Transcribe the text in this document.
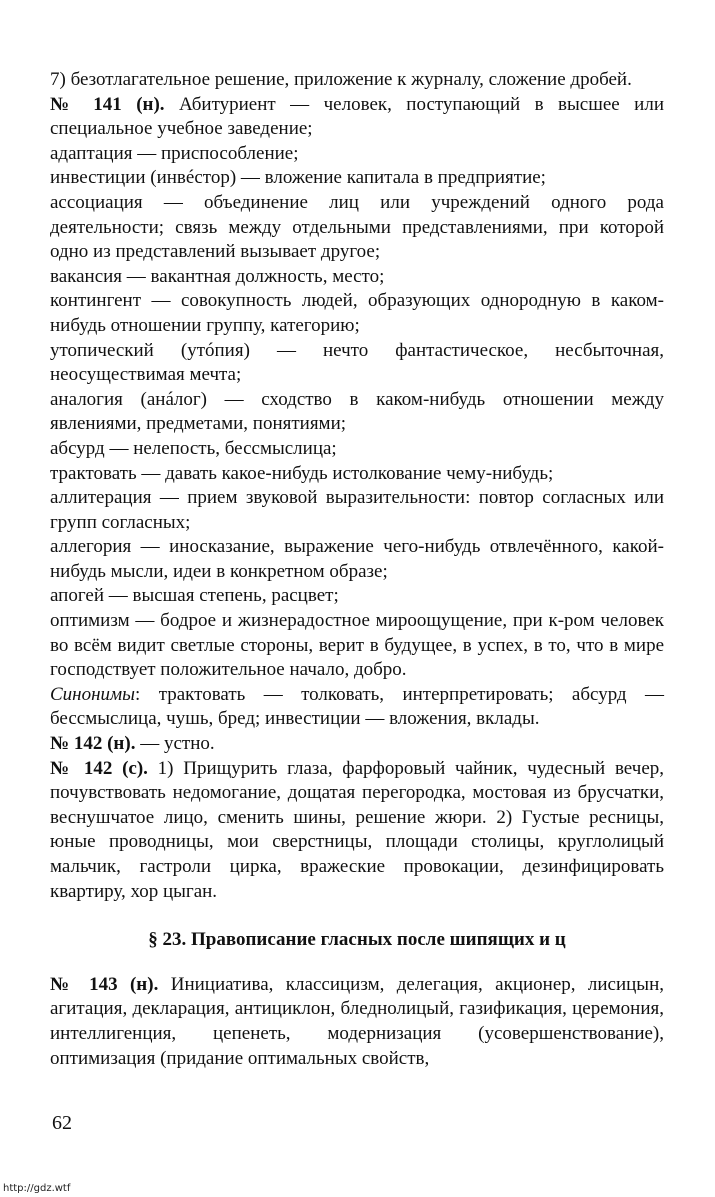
7) безотлагательное решение, приложение к журналу, сложение дробей.

№ 141 (н). Абитуриент — человек, поступающий в высшее или специальное учебное заведение;

адаптация — приспособление;

инвестиции (инвéстор) — вложение капитала в предприятие;

ассоциация — объединение лиц или учреждений одного рода деятельности; связь между отдельными представлениями, при которой одно из представлений вызывает другое;

вакансия — вакантная должность, место;

контингент — совокупность людей, образующих однородную в каком-нибудь отношении группу, категорию;

утопический (утóпия) — нечто фантастическое, несбыточная, неосуществимая мечта;

аналогия (анáлог) — сходство в каком-нибудь отношении между явлениями, предметами, понятиями;

абсурд — нелепость, бессмыслица;

трактовать — давать какое-нибудь истолкование чему-нибудь;

аллитерация — прием звуковой выразительности: повтор согласных или групп согласных;

аллегория — иносказание, выражение чего-нибудь отвлечённого, какой-нибудь мысли, идеи в конкретном образе;

апогей — высшая степень, расцвет;

оптимизм — бодрое и жизнерадостное мироощущение, при к-ром человек во всём видит светлые стороны, верит в будущее, в успех, в то, что в мире господствует положительное начало, добро.

Синонимы: трактовать — толковать, интерпретировать; абсурд — бессмыслица, чушь, бред; инвестиции — вложения, вклады.

№ 142 (н). — устно.

№ 142 (с). 1) Прищурить глаза, фарфоровый чайник, чудесный вечер, почувствовать недомогание, дощатая перегородка, мостовая из брусчатки, веснушчатое лицо, сменить шины, решение жюри. 2) Густые ресницы, юные проводницы, мои сверстницы, площади столицы, круглолицый мальчик, гастроли цирка, вражеские провокации, дезинфицировать квартиру, хор цыган.

§ 23. Правописание гласных после шипящих и ц

№ 143 (н). Инициатива, классицизм, делегация, акционер, лисицын, агитация, декларация, антициклон, бледнолицый, газификация, церемония, интеллигенция, цепенеть, модернизация (усовершенствование), оптимизация (придание оптимальных свойств,

62
http://gdz.wtf
